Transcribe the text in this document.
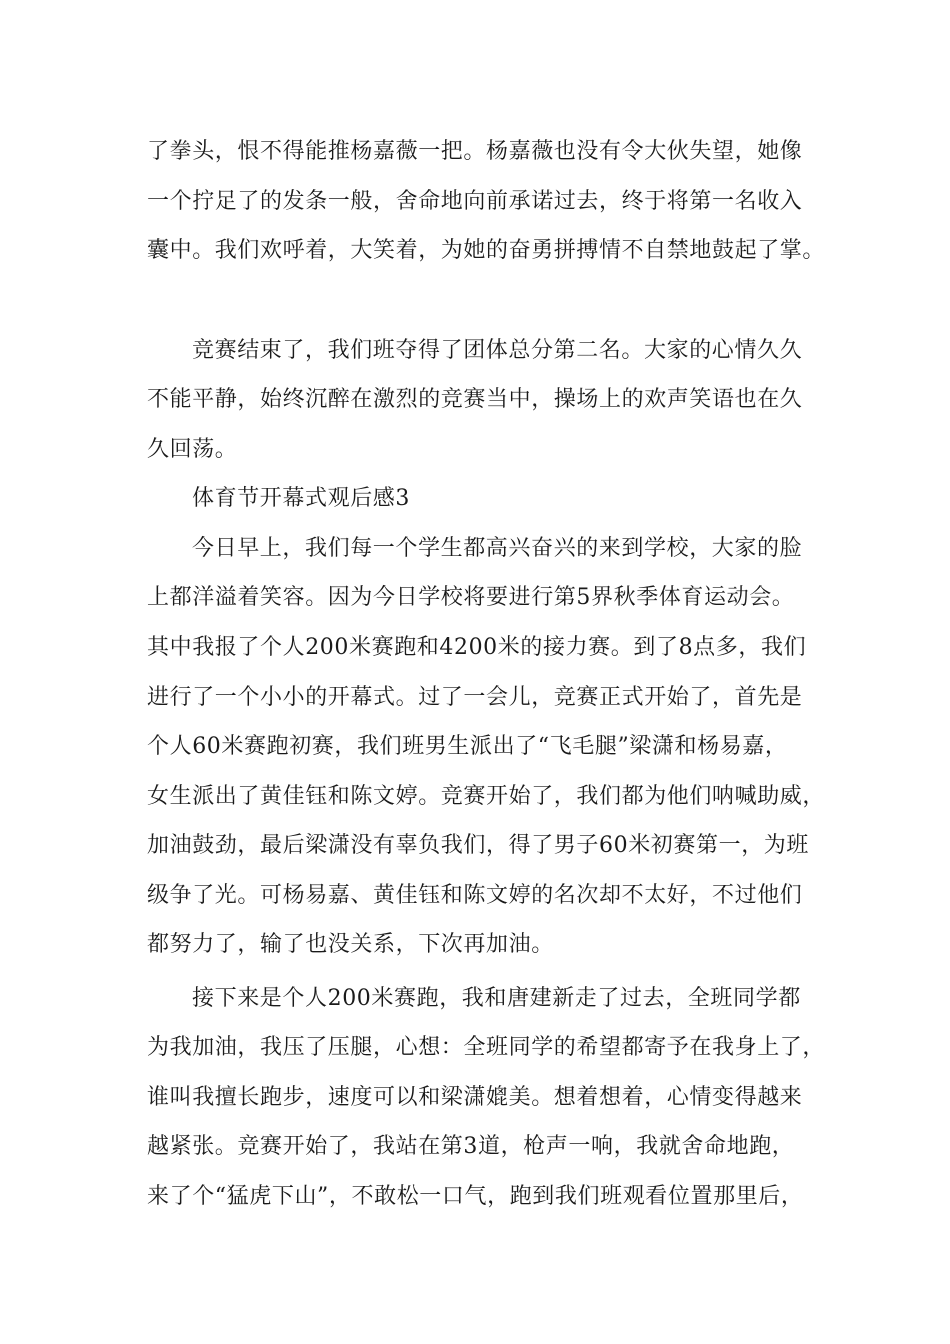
了拳头，恨不得能推杨嘉薇一把。杨嘉薇也没有令大伙失望，她像
一个拧足了的发条一般，舍命地向前承诺过去，终于将第一名收入
囊中。我们欢呼着，大笑着，为她的奋勇拼搏情不自禁地鼓起了掌。
竞赛结束了，我们班夺得了团体总分第二名。大家的心情久久
不能平静，始终沉醉在激烈的竞赛当中，操场上的欢声笑语也在久
久回荡。
体育节开幕式观后感3
今日早上，我们每一个学生都高兴奋兴的来到学校，大家的脸
上都洋溢着笑容。因为今日学校将要进行第5界秋季体育运动会。
其中我报了个人200米赛跑和4200米的接力赛。到了8点多，我们
进行了一个小小的开幕式。过了一会儿，竞赛正式开始了，首先是
个人60米赛跑初赛，我们班男生派出了“飞毛腿”梁潇和杨易嘉，
女生派出了黄佳钰和陈文婷。竞赛开始了，我们都为他们呐喊助威，
加油鼓劲，最后梁潇没有辜负我们，得了男子60米初赛第一，为班
级争了光。可杨易嘉、黄佳钰和陈文婷的名次却不太好，不过他们
都努力了，输了也没关系，下次再加油。
接下来是个人200米赛跑，我和唐建新走了过去，全班同学都
为我加油，我压了压腿，心想：全班同学的希望都寄予在我身上了，
谁叫我擅长跑步，速度可以和梁潇媲美。想着想着，心情变得越来
越紧张。竞赛开始了，我站在第3道，枪声一响，我就舍命地跑，
来了个“猛虎下山”，不敢松一口气，跑到我们班观看位置那里后，
